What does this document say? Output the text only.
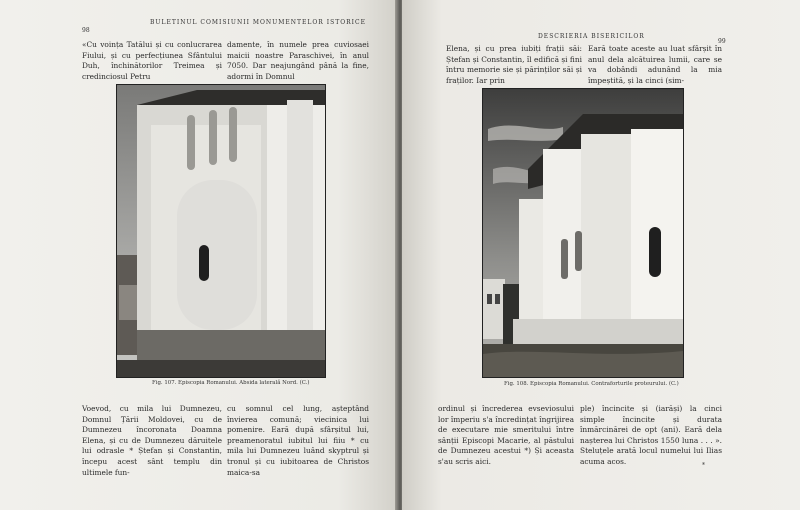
98
BULETINUL COMISIUNII MONUMENTELOR ISTORICE

«Cu voința Tatălui și cu conlucrarea Fiului, și cu perfecțiunea Sfântului Duh, închinătorilor Treimea și credinciosul Petru

damente, în numele prea cuviosaei maicii noastre Paraschivei, în anul 7050. Dar neajungând până la fine, adormi în Domnul

Fig. 107. Episcopia Romanului. Absida laterală Nord. (C.)

Voevod, cu mila lui Dumnezeu, Domnul Țării Moldovei, cu de Dumnezeu încoronata Doamna Elena, și cu de Dumnezeu dăruitele lui odrasle * Ștefan și Constantin, începu acest sânt templu din ultimele fun-

cu somnul cel lung, așteptând învierea comună; viecinica lui pomenire. Eară după sfârșitul lui, preamenoratul iubitul lui fiiu * cu mila lui Dumnezeu luând skyptrul și tronul și cu iubitoarea de Christos maica-sa

DESCRIERIA BISERICILOR
99

Elena, și cu prea iubiți frații săi: Ștefan și Constantin, îl edifică și fini întru memorie sie și părinților săi și fraților. Iar prin

Eară toate aceste au luat sfârșit în anul dela alcătuirea lumii, care se va dobândi adunând la mia împeștită, și la cinci (sim-

Fig. 108. Episcopia Romanului. Contraforturile proteurului. (C.)

ordinul și încrederea evseviosului lor împeriu s'a încredințat îngrijirea de executare mie smeritului între sânții Episcopi Macarie, al păstului de Dumnezeu acestui *) Și aceasta s'au scris aici.

ple) încincite și (iarăși) la cinci simple încincite și durata înmărcinărei de opt (ani). Eară dela nașterea lui Christos 1550 luna . . . ». Steluțele arată locul numelui lui Ilias acuma acos.	*
